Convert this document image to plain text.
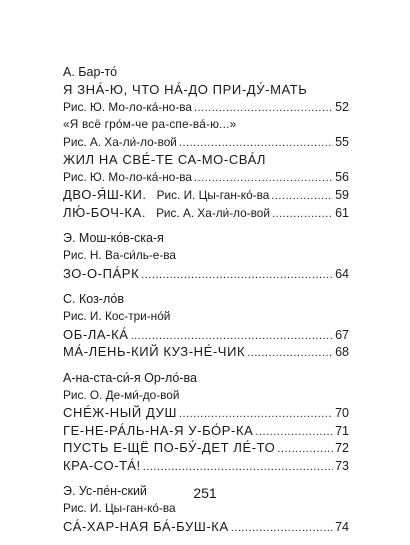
А. Бар-то́
Я ЗНА́-Ю, ЧТО НА́-ДО ПРИ-ДУ́-МАТЬ
Рис. Ю. Мо-ло-ка́-но-ва .....	52
«Я всё гро́м-че ра-спе-ва́-ю...»
Рис. А. Ха-ли́-ло-вой .....	55
ЖИЛ НА СВЕ́-ТЕ СА-МО-СВА́Л
Рис. Ю. Мо-ло-ка́-но-ва .....	56
ДВО-Я́Ш-КИ. Рис. И. Цы-ган-ко́-ва .....	59
ЛЮ́-БОЧ-КА. Рис. А. Ха-ли́-ло-вой .....	61
Э. Мош-ко́в-ска-я
Рис. Н. Ва-си́ль-е-ва
ЗО-О-ПА́РК .....	64
С. Коз-ло́в
Рис. И. Кос-три-но́й
ОБ-ЛА-КА́ .....	67
МА́-ЛЕНЬ-КИЙ КУЗ-НЕ́-ЧИК .....	68
А-на-ста-си́-я Ор-ло́-ва
Рис. О. Де-ми́-до-вой
СНЕ́Ж-НЫЙ ДУШ .....	70
ГЕ-НЕ-РА́ЛЬ-НА-Я У-БО́Р-КА .....	71
ПУСТЬ Е-ЩЁ ПО-БУ́-ДЕТ ЛЕ́-ТО .....	72
КРА-СО-ТА́! .....	73
Э. Ус-пе́н-ский
Рис. И. Цы-ган-ко́-ва
СА́-ХАР-НАЯ БА́-БУШ-КА .....	74
251
